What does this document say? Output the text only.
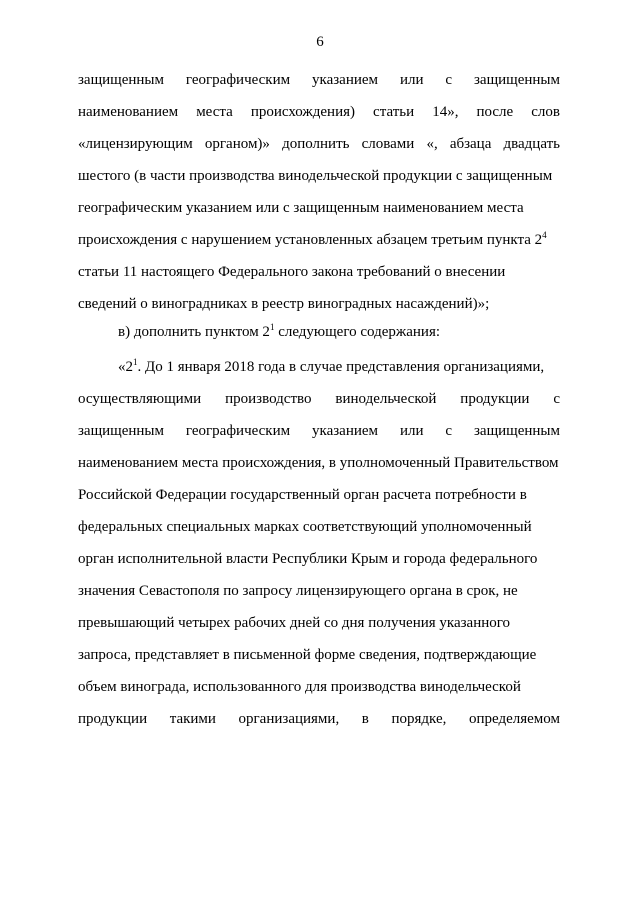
6
защищенным географическим указанием или с защищенным
наименованием места происхождения) статьи 14», после слов
«лицензирующим органом)» дополнить словами «, абзаца двадцать
шестого (в части производства винодельческой продукции с защищенным
географическим указанием или с защищенным наименованием места
происхождения с нарушением установленных абзацем третьим пункта $2^4$
статьи 11 настоящего Федерального закона требований о внесении
сведений о виноградниках в реестр виноградных насаждений)»;
в) дополнить пунктом $2^1$ следующего содержания:
«$2^1$. До 1 января 2018 года в случае представления организациями,
осуществляющими производство винодельческой продукции с
защищенным географическим указанием или с защищенным
наименованием места происхождения, в уполномоченный Правительством
Российской Федерации государственный орган расчета потребности в
федеральных специальных марках соответствующий уполномоченный
орган исполнительной власти Республики Крым и города федерального
значения Севастополя по запросу лицензирующего органа в срок, не
превышающий четырех рабочих дней со дня получения указанного
запроса, представляет в письменной форме сведения, подтверждающие
объем винограда, использованного для производства винодельческой
продукции такими организациями, в порядке, определяемом
